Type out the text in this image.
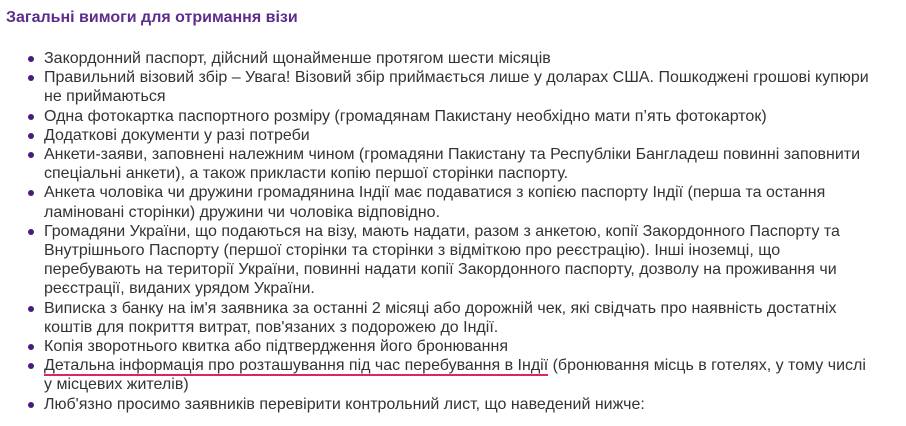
Загальні вимоги для отримання візи
Закордонний паспорт, дійсний щонайменше протягом шести місяців
Правильний візовий збір – Увага! Візовий збір приймається лише у доларах США. Пошкоджені грошові купюри не приймаються
Одна фотокартка паспортного розміру (громадянам Пакистану необхідно мати п’ять фотокарток)
Додаткові документи у разі потреби
Анкети-заяви, заповнені належним чином (громадяни Пакистану та Республіки Бангладеш повинні заповнити спеціальні анкети), а також прикласти копію першої сторінки паспорту.
Анкета чоловіка чи дружини громадянина Індії має подаватися з копією паспорту Індії (перша та остання ламіновані сторінки) дружини чи чоловіка відповідно.
Громадяни України, що подаються на візу, мають надати, разом з анкетою, копії Закордонного Паспорту та Внутрішнього Паспорту (першої сторінки та сторінки з відміткою про реєстрацію). Інші іноземці, що перебувають на території України, повинні надати копії Закордонного паспорту, дозволу на проживання чи реєстрації, виданих урядом України.
Виписка з банку на ім'я заявника за останні 2 місяці або дорожній чек, які свідчать про наявність достатніх коштів для покриття витрат, пов'язаних з подорожею до Індії.
Копія зворотнього квитка або підтвердження його бронювання
Детальна інформація про розташування під час перебування в Індії (бронювання місць в готелях, у тому числі у місцевих жителів)
Люб'язно просимо заявників перевірити контрольний лист, що наведений нижче:
